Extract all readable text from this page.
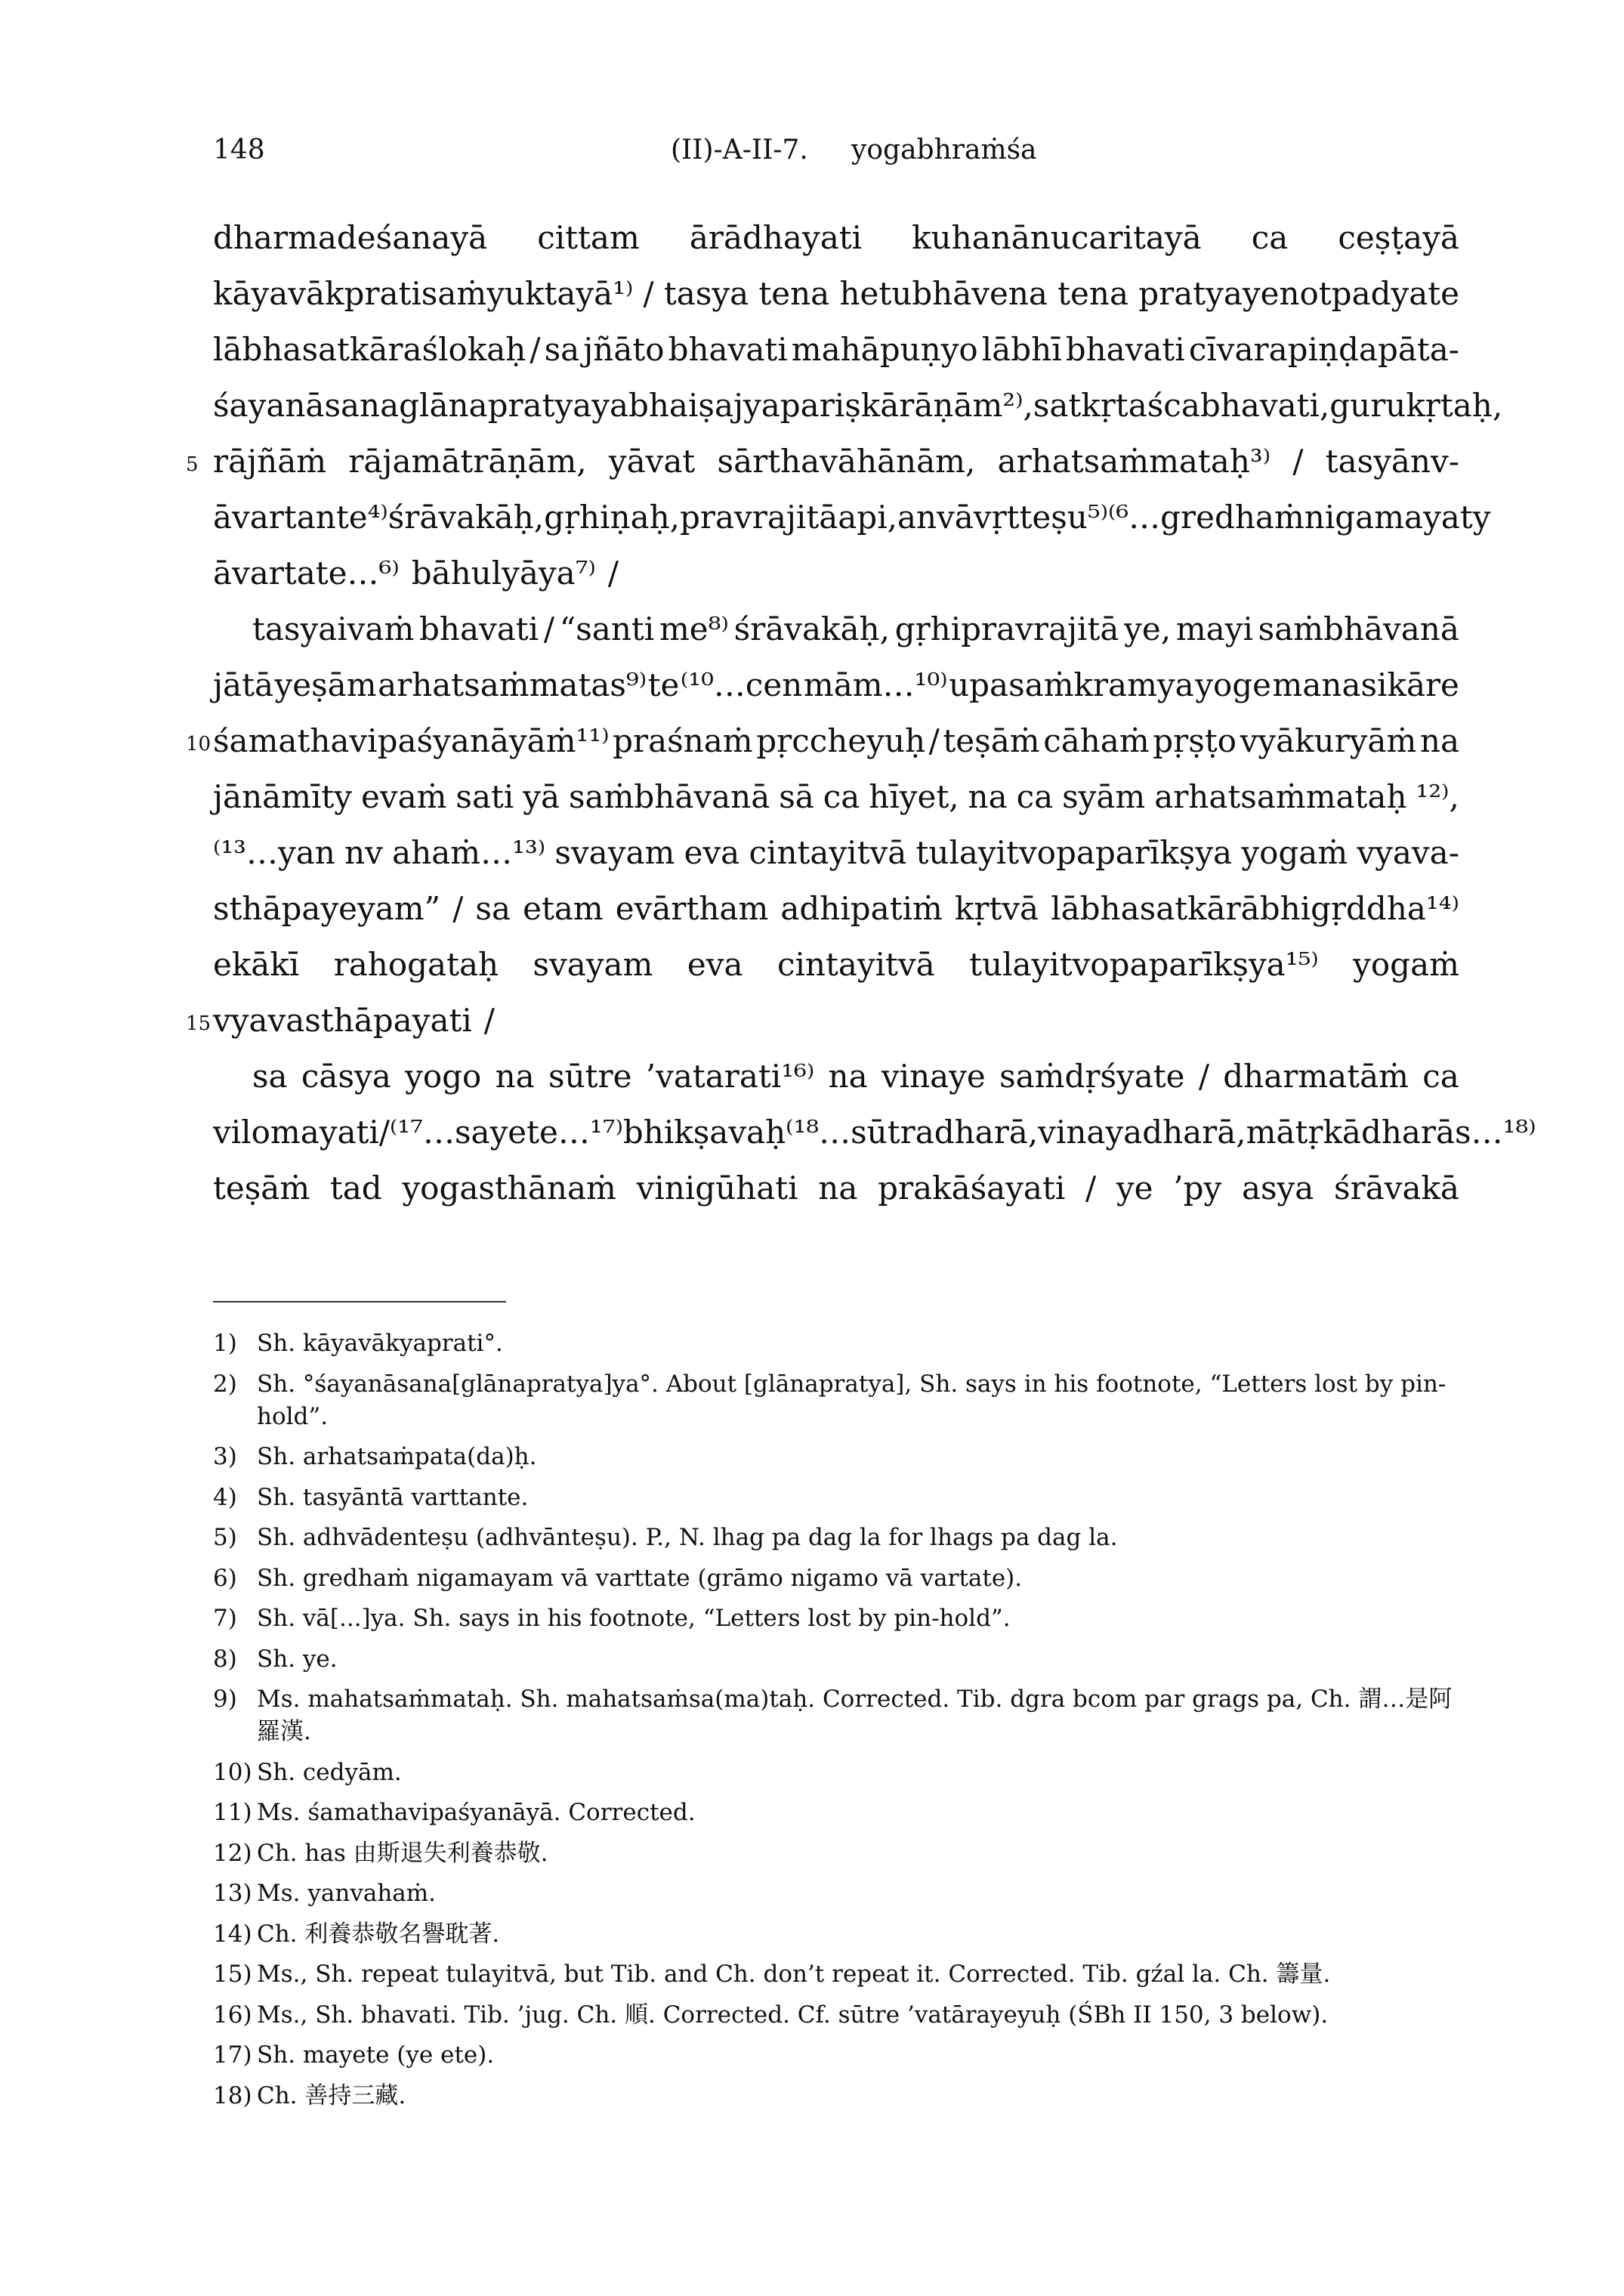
148	(II)-A-II-7.     yogabhraṁśa
dharmadeśanayā cittam ārādhayati kuhanānucaritayā ca ceṣṭayā
kāyavākpratisaṁyuktayā¹⁾ / tasya tena hetubhāvena tena pratyayenotpadyate
lābhasatkāraślokaḥ / sa jñāto bhavati mahāpuṇyo lābhī bhavati cīvarapiṇḍapāta-
śayanāsanaglānapratyayabhaiṣajyapariṣkārāṇām²⁾, satkṛtaś ca bhavati, gurukṛtaḥ,
rājñāṁ rājamātrāṇām, yāvat sārthavāhānām, arhatsaṁmataḥ³⁾ / tasyānv-
āvartante⁴⁾ śrāvakāḥ, gṛhiṇaḥ, pravrajitā api, anvāvṛtteṣu⁵⁾ ⁽⁶…gredhaṁ nigamayaty
āvartate…⁶⁾ bāhulyāya⁷⁾ /
tasyaivaṁ bhavati / “santi me⁸⁾ śrāvakāḥ, gṛhipravrajitā ye, mayi saṁbhāvanā
jātā yeṣām arhatsaṁmatas⁹⁾ te ⁽¹⁰…cen mām…¹⁰⁾ upasaṁkramya yoge manasikāre
śamathavipaśyanāyāṁ¹¹⁾ praśnaṁ pṛccheyuḥ / teṣāṁ cāhaṁ pṛṣṭo vyākuryāṁ na
jānāmīty evaṁ sati yā saṁbhāvanā sā ca hīyet, na ca syām arhatsaṁmataḥ ¹²⁾,
⁽¹³…yan nv ahaṁ…¹³⁾ svayam eva cintayitvā tulayitvopaparīkṣya yogaṁ vyava-
sthāpayeyam” / sa etam evārtham adhipatiṁ kṛtvā lābhasatkārābhigṛddha¹⁴⁾
ekākī rahogataḥ svayam eva cintayitvā tulayitvopaparīkṣya¹⁵⁾ yogaṁ
vyavasthāpayati /
sa cāsya yogo na sūtre ’vatarati¹⁶⁾ na vinaye saṁdṛśyate / dharmatāṁ ca
vilomayati / ⁽¹⁷…sa ye te…¹⁷⁾ bhikṣavaḥ ⁽¹⁸…sūtradharā, vinayadharā, mātṛkādharās…¹⁸⁾
teṣāṁ tad yogasthānaṁ vinigūhati na prakāśayati / ye ’py asya śrāvakā
5
10
15
1) Sh. kāyavākyaprati°.
2) Sh. °śayanāsana[glānapratya]ya°. About [glānapratya], Sh. says in his footnote, “Letters lost by pin-hold”.
3) Sh. arhatsaṁpata(da)ḥ.
4) Sh. tasyāntā varttante.
5) Sh. adhvādenteṣu (adhvānteṣu). P., N. lhag pa dag la for lhags pa dag la.
6) Sh. gredhaṁ nigamayam vā varttate (grāmo nigamo vā vartate).
7) Sh. vā[...]ya. Sh. says in his footnote, “Letters lost by pin-hold”.
8) Sh. ye.
9) Ms. mahatsaṁmataḥ. Sh. mahatsaṁsa(ma)taḥ. Corrected. Tib. dgra bcom par grags pa, Ch. 謂…是阿羅漢.
10) Sh. cedyām.
11) Ms. śamathavipaśyanāyā. Corrected.
12) Ch. has 由斯退失利養恭敬.
13) Ms. yanvahaṁ.
14) Ch. 利養恭敬名譽耽著.
15) Ms., Sh. repeat tulayitvā, but Tib. and Ch. don’t repeat it. Corrected. Tib. gźal la. Ch. 籌量.
16) Ms., Sh. bhavati. Tib. ’jug. Ch. 順. Corrected. Cf. sūtre ’vatārayeyuḥ (ŚBh II 150, 3 below).
17) Sh. mayete (ye ete).
18) Ch. 善持三藏.
